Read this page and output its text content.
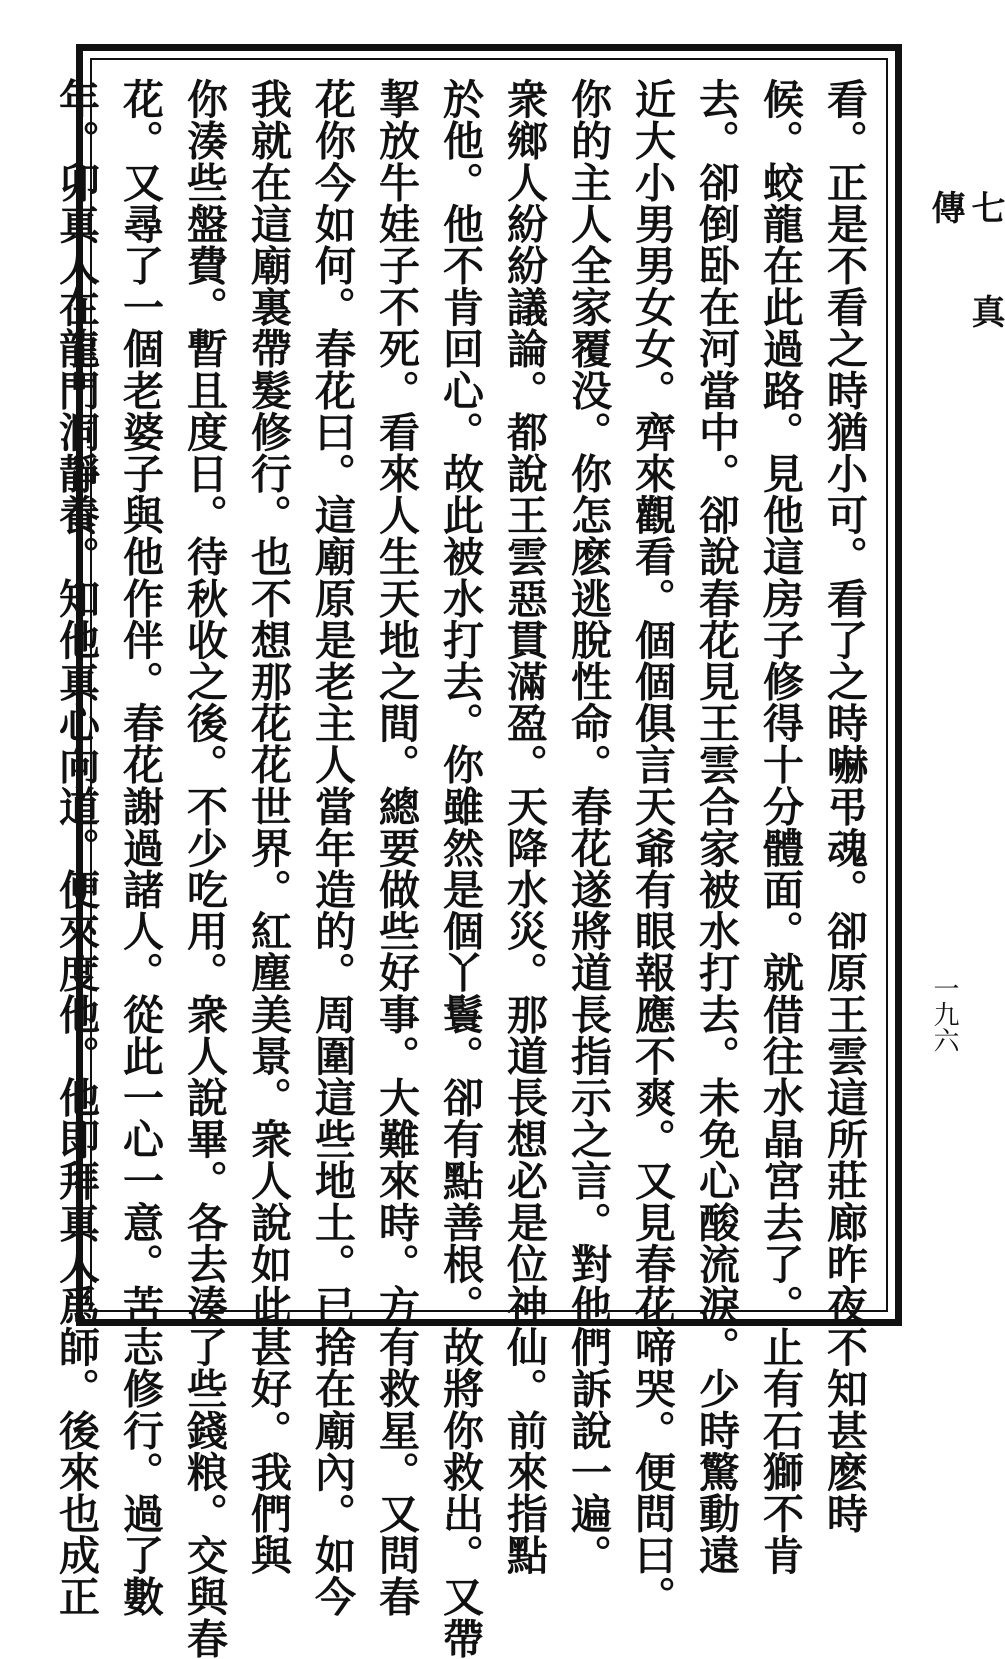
看。正是不看之時猶小可。看了之時嚇弔魂。卻原王雲這所莊廊昨夜不知甚麽時
候。蛟龍在此過路。見他這房子修得十分體面。就借往水晶宮去了。止有石獅不肯
去。卻倒卧在河當中。卻說春花見王雲合家被水打去。未免心酸流淚。少時驚動遠
近大小男男女女。齊來觀看。個個俱言天爺有眼報應不爽。又見春花啼哭。便問曰。
你的主人全家覆没。你怎麽逃脫性命。春花遂將道長指示之言。對他們訴說一遍。
衆鄉人紛紛議論。都說王雲惡貫滿盈。天降水災。那道長想必是位神仙。前來指點
於他。他不肯回心。故此被水打去。你雖然是個丫鬟。卻有點善根。故將你救出。又帶
挈放牛娃子不死。看來人生天地之間。總要做些好事。大難來時。方有救星。又問春
花你今如何。春花曰。這廟原是老主人當年造的。周圍這些地土。已捨在廟內。如今
我就在這廟裏帶髮修行。也不想那花花世界。紅塵美景。衆人說如此甚好。我們與
你湊些盤費。暫且度日。待秋收之後。不少吃用。衆人說畢。各去湊了些錢粮。交與春
花。又尋了一個老婆子與他作伴。春花謝過諸人。從此一心一意。苦志修行。過了數
年。卯真人在龍門洞靜養。知他真心向道。便來度他。他即拜真人爲師。後來也成正	七真傳
一九六
